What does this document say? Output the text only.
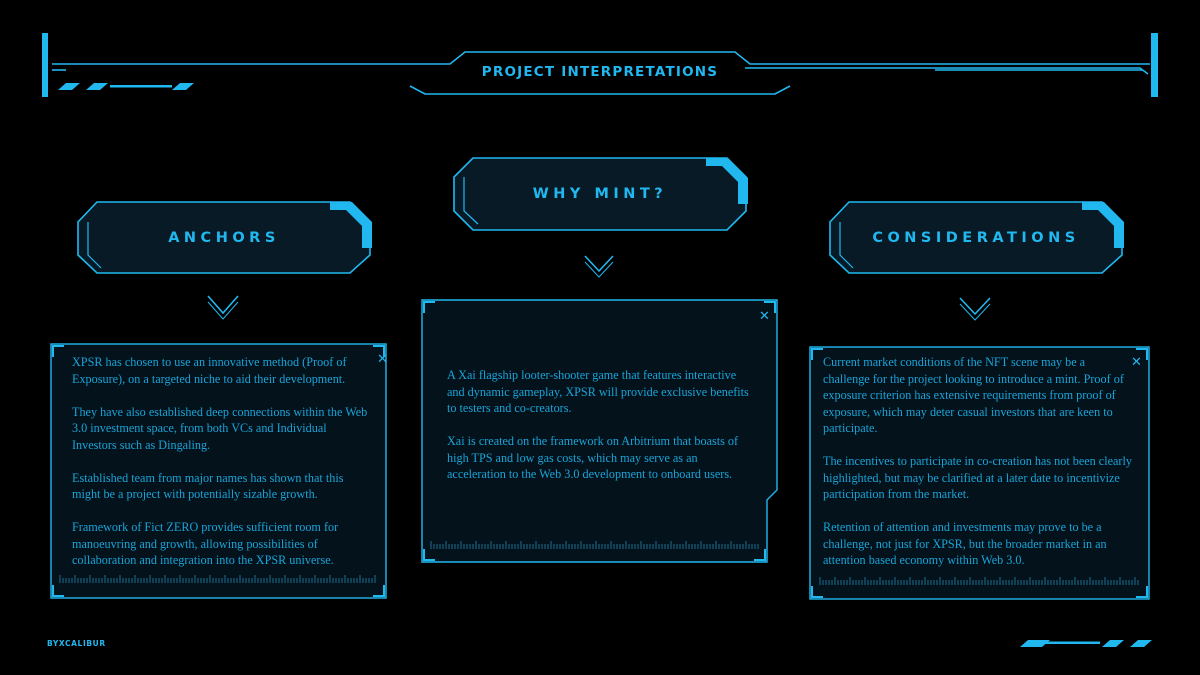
PROJECT INTERPRETATIONS
ANCHORS
WHY MINT?
CONSIDERATIONS
✕
✕
✕

XPSR has chosen to use an innovative method (Proof of Exposure), on a targeted niche to aid their development.

They have also established deep connections within the Web 3.0 investment space, from both VCs and Individual Investors such as Dingaling.

Established team from major names has shown that this might be a project with potentially sizable growth.

Framework of Fict ZERO provides sufficient room for manoeuvring and growth, allowing possibilities of collaboration and integration into the XPSR universe.

A Xai flagship looter-shooter game that features interactive and dynamic gameplay, XPSR will provide exclusive benefits to testers and co-creators.

Xai is created on the framework on Arbitrium that boasts of high TPS and low gas costs, which may serve as an acceleration to the Web 3.0 development to onboard users.

Current market conditions of the NFT scene may be a challenge for the project looking to introduce a mint. Proof of exposure criterion has extensive requirements from proof of exposure, which may deter casual investors that are keen to participate.

The incentives to participate in co-creation has not been clearly highlighted, but may be clarified at a later date to incentivize participation from the market.

Retention of attention and investments may prove to be a challenge, not just for XPSR, but the broader market in an attention based economy within Web 3.0.

BYXCALIBUR
